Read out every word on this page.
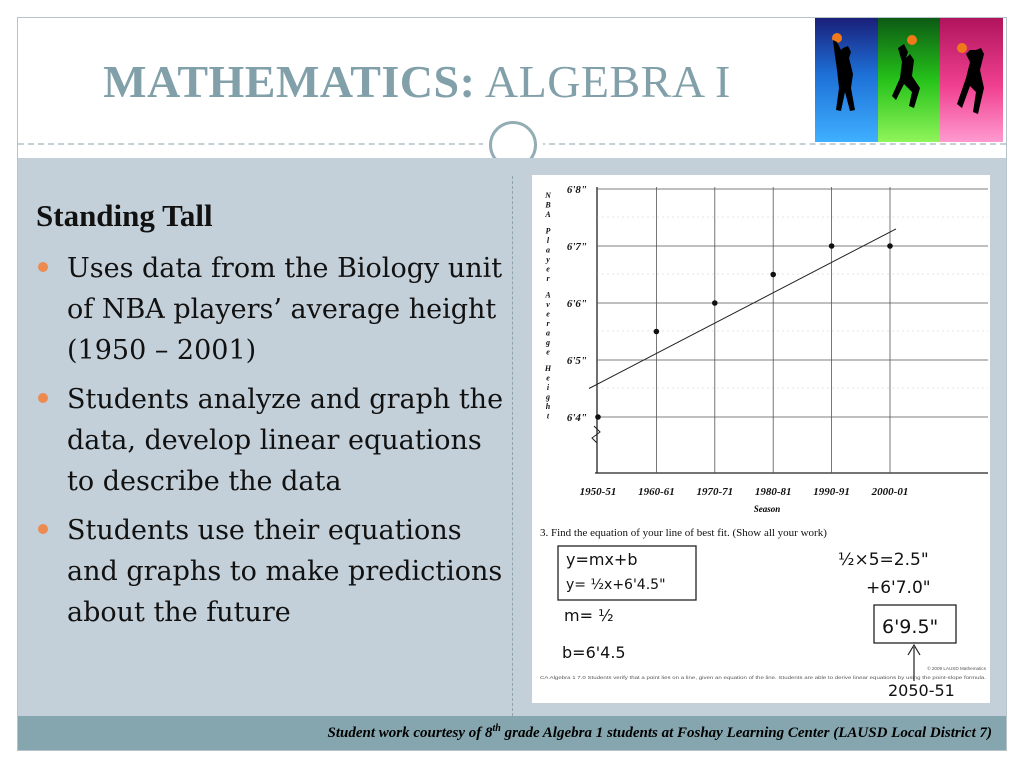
MATHEMATICS: ALGEBRA I
Standing Tall
Uses data from the Biology unit of NBA players’ average height (1950 – 2001)
Students analyze and graph the data, develop linear equations to describe the data
Students use their equations and graphs to make predictions about the future
N
B
A
P
l
a
y
e
r
A
v
e
r
a
g
e
H
e
i
g
h
t 6'4"
6'5"
6'6"
6'7"
6'8"
1950-51 1960-61 1970-71 1980-81 1990-91 2000-01
Season
3. Find the equation of your line of best fit. (Show all your work)
y=mx+b
y= ½x+6'4.5"
m= ½
b=6'4.5
½×5=2.5"
+6'7.0"
6'9.5"
2050-51
© 2009 LAUSD Mathematics
CA Algebra 1 7.0 Students verify that a point lies on a line, given an equation of the line. Students are able to derive linear equations by using the point-slope formula.
Student work courtesy of 8th grade Algebra 1 students at Foshay Learning Center (LAUSD Local District 7)
